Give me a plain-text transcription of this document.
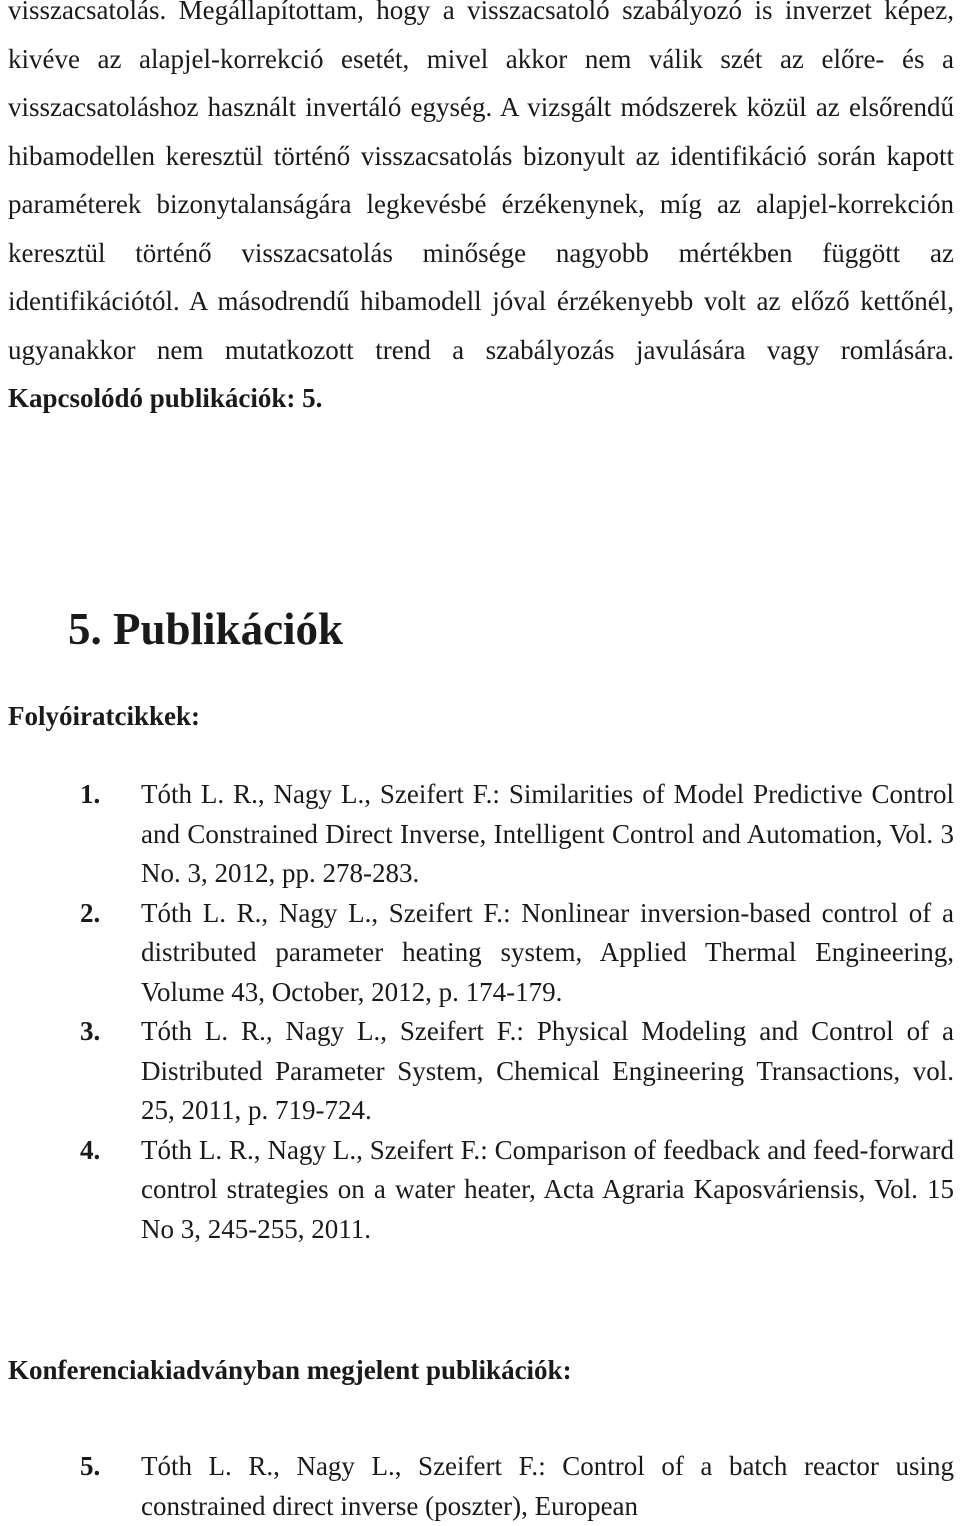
visszacsatolás. Megállapítottam, hogy a visszacsatoló szabályozó is inverzet képez, kivéve az alapjel-korrekció esetét, mivel akkor nem válik szét az előre- és a visszacsatoláshoz használt invertáló egység. A vizsgált módszerek közül az elsőrendű hibamodellen keresztül történő visszacsatolás bizonyult az identifikáció során kapott paraméterek bizonytalanságára legkevésbé érzékenynek, míg az alapjel-korrekción keresztül történő visszacsatolás minősége nagyobb mértékben függött az identifikációtól. A másodrendű hibamodell jóval érzékenyebb volt az előző kettőnél, ugyanakkor nem mutatkozott trend a szabályozás javulására vagy romlására. Kapcsolódó publikációk: 5.

5. Publikációk
Folyóiratcikkek:
1. Tóth L. R., Nagy L., Szeifert F.: Similarities of Model Predictive Control and Constrained Direct Inverse, Intelligent Control and Automation, Vol. 3 No. 3, 2012, pp. 278-283.
2. Tóth L. R., Nagy L., Szeifert F.: Nonlinear inversion-based control of a distributed parameter heating system, Applied Thermal Engineering, Volume 43, October, 2012, p. 174-179.
3. Tóth L. R., Nagy L., Szeifert F.: Physical Modeling and Control of a Distributed Parameter System, Chemical Engineering Transactions, vol. 25, 2011, p. 719-724.
4. Tóth L. R., Nagy L., Szeifert F.: Comparison of feedback and feed-forward control strategies on a water heater, Acta Agraria Kaposváriensis, Vol. 15 No 3, 245-255, 2011.
Konferenciakiadványban megjelent publikációk:
5. Tóth L. R., Nagy L., Szeifert F.: Control of a batch reactor using constrained direct inverse (poszter), European
